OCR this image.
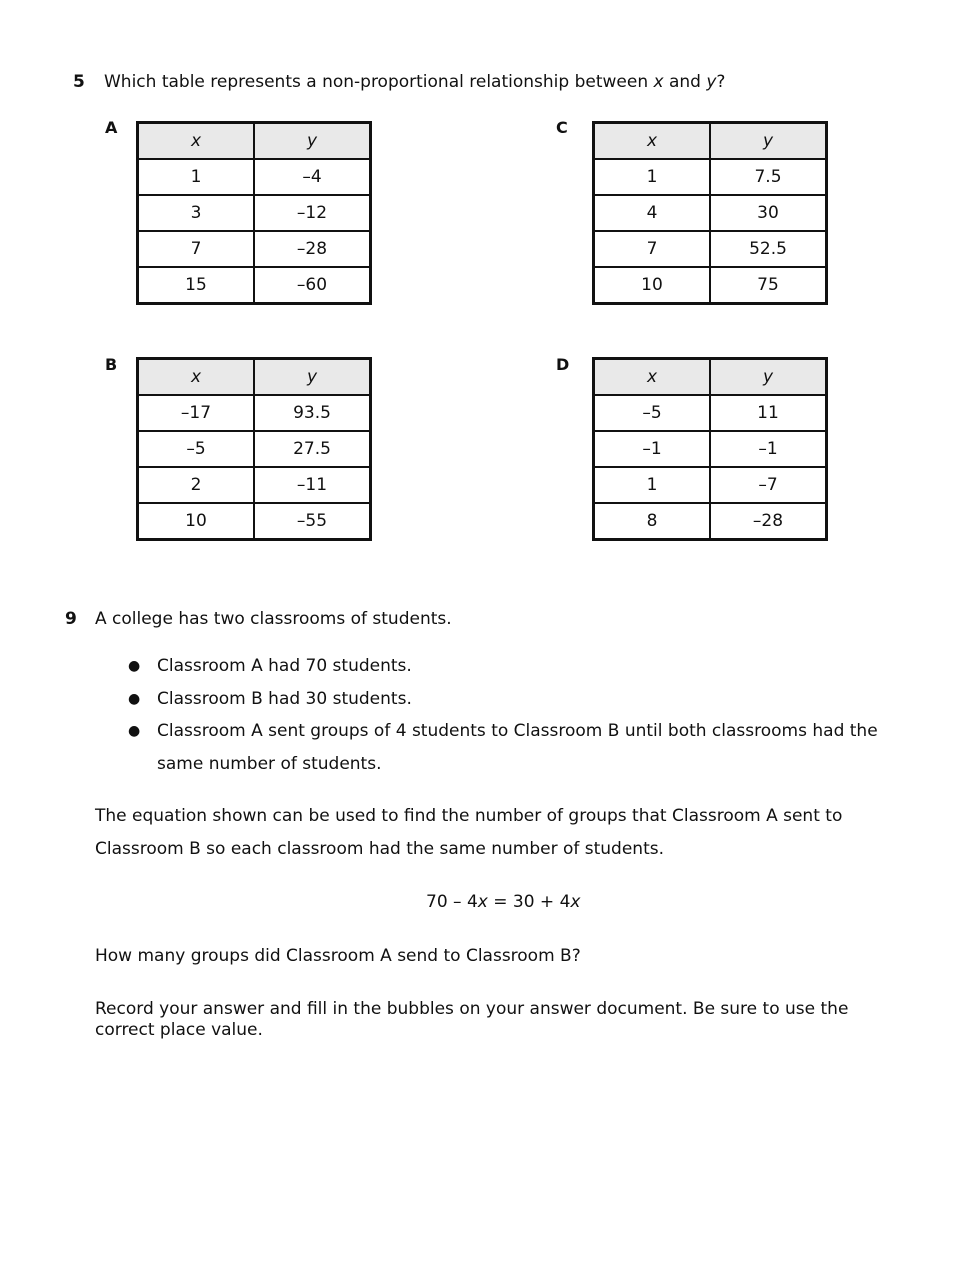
5 Which table represents a non-proportional relationship between x and y?
A
x	y
1	–4
3	–12
7	–28
15	–60
C
x	y
1	7.5
4	30
7	52.5
10	75
B
x	y
–17	93.5
–5	27.5
2	–11
10	–55
D
x	y
–5	11
–1	–1
1	–7
8	–28
9 A college has two classrooms of students.
● Classroom A had 70 students.
● Classroom B had 30 students.
● Classroom A sent groups of 4 students to Classroom B until both classrooms had the
same number of students.
The equation shown can be used to find the number of groups that Classroom A sent to
Classroom B so each classroom had the same number of students.
70 – 4x = 30 + 4x
How many groups did Classroom A send to Classroom B?
Record your answer and fill in the bubbles on your answer document. Be sure to use the
correct place value.
